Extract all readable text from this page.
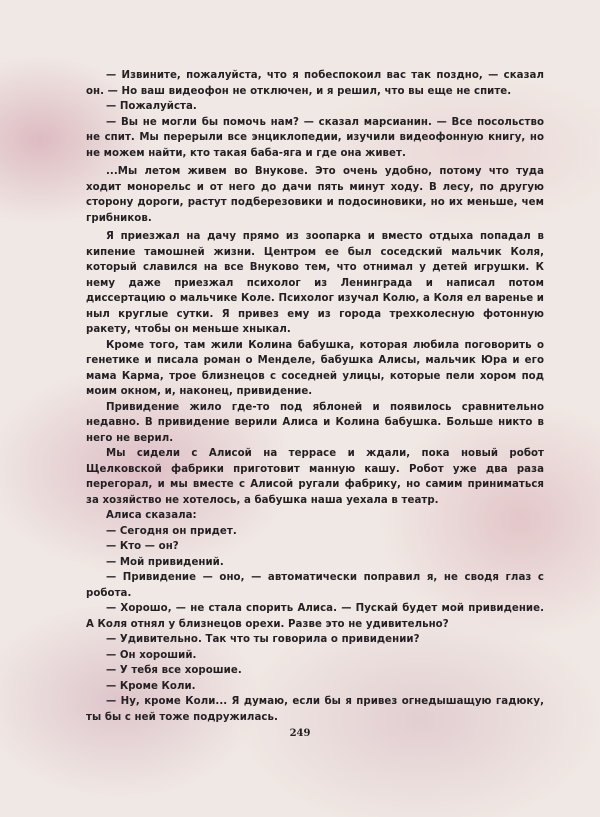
— Извините, пожалуйста, что я побеспокоил вас так поздно, — сказал он. — Но ваш видеофон не отключен, и я решил, что вы еще не спите.

— Пожалуйста.

— Вы не могли бы помочь нам? — сказал марсианин. — Все посольство не спит. Мы перерыли все энциклопедии, изучили видеофонную книгу, но не можем найти, кто такая баба-яга и где она живет.

...Мы летом живем во Внукове. Это очень удобно, потому что туда ходит монорельс и от него до дачи пять минут ходу. В лесу, по другую сторону дороги, растут подберезовики и подосиновики, но их меньше, чем грибников.

Я приезжал на дачу прямо из зоопарка и вместо отдыха попадал в кипение тамошней жизни. Центром ее был соседский мальчик Коля, который славился на все Внуково тем, что отнимал у детей игрушки. К нему даже приезжал психолог из Ленинграда и написал потом диссертацию о мальчике Коле. Психолог изучал Колю, а Коля ел варенье и ныл круглые сутки. Я привез ему из города трехколесную фотонную ракету, чтобы он меньше хныкал.

Кроме того, там жили Колина бабушка, которая любила поговорить о генетике и писала роман о Менделе, бабушка Алисы, мальчик Юра и его мама Карма, трое близнецов с соседней улицы, которые пели хором под моим окном, и, наконец, привидение.

Привидение жило где-то под яблоней и появилось сравнительно недавно. В привидение верили Алиса и Колина бабушка. Больше никто в него не верил.

Мы сидели с Алисой на террасе и ждали, пока новый робот Щелковской фабрики приготовит манную кашу. Робот уже два раза перегорал, и мы вместе с Алисой ругали фабрику, но самим приниматься за хозяйство не хотелось, а бабушка наша уехала в театр.

Алиса сказала:

— Сегодня он придет.

— Кто — он?

— Мой привидений.

— Привидение — оно, — автоматически поправил я, не сводя глаз с робота.

— Хорошо, — не стала спорить Алиса. — Пускай будет мой привидение. А Коля отнял у близнецов орехи. Разве это не удивительно?

— Удивительно. Так что ты говорила о привидении?

— Он хороший.

— У тебя все хорошие.

— Кроме Коли.

— Ну, кроме Коли... Я думаю, если бы я привез огнедышащую гадюку, ты бы с ней тоже подружилась.

249
